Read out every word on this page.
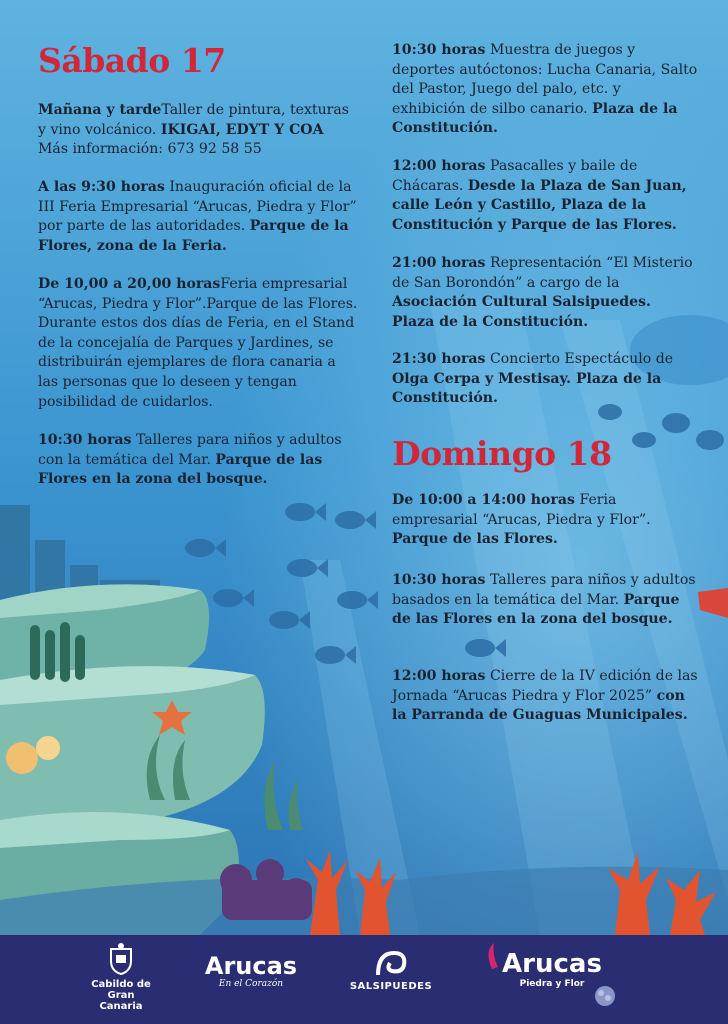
Sábado 17

Mañana y tardeTaller de pintura, texturas y vino volcánico. IKIGAI, EDYT Y COA Más información: 673 92 58 55

A las 9:30 horas Inauguración oficial de la III Feria Empresarial “Arucas, Piedra y Flor” por parte de las autoridades. Parque de la Flores, zona de la Feria.

De 10,00 a 20,00 horasFeria empresarial “Arucas, Piedra y Flor”.Parque de las Flores. Durante estos dos días de Feria, en el Stand de la concejalía de Parques y Jardines, se distribuirán ejemplares de flora canaria a las personas que lo deseen y tengan posibilidad de cuidarlos.

10:30 horas Talleres para niños y adultos con la temática del Mar. Parque de las Flores en la zona del bosque.

10:30 horas Muestra de juegos y deportes autóctonos: Lucha Canaria, Salto del Pastor, Juego del palo, etc. y exhibición de silbo canario. Plaza de la Constitución.

12:00 horas Pasacalles y baile de Chácaras. Desde la Plaza de San Juan, calle León y Castillo, Plaza de la Constitución y Parque de las Flores.

21:00 horas Representación “El Misterio de San Borondón” a cargo de la Asociación Cultural Salsipuedes. Plaza de la Constitución.

21:30 horas Concierto Espectáculo de Olga Cerpa y Mestisay. Plaza de la Constitución.

Domingo 18

De 10:00 a 14:00 horas Feria empresarial “Arucas, Piedra y Flor”. Parque de las Flores.

10:30 horas Talleres para niños y adultos basados en la temática del Mar. Parque de las Flores en la zona del bosque.

12:00 horas Cierre de la IV edición de las Jornada “Arucas Piedra y Flor 2025” con la Parranda de Guaguas Municipales.

Cabildo de Gran Canaria
Arucas
En el Corazón	SALSIPUEDES
Arucas
Piedra y Flor
